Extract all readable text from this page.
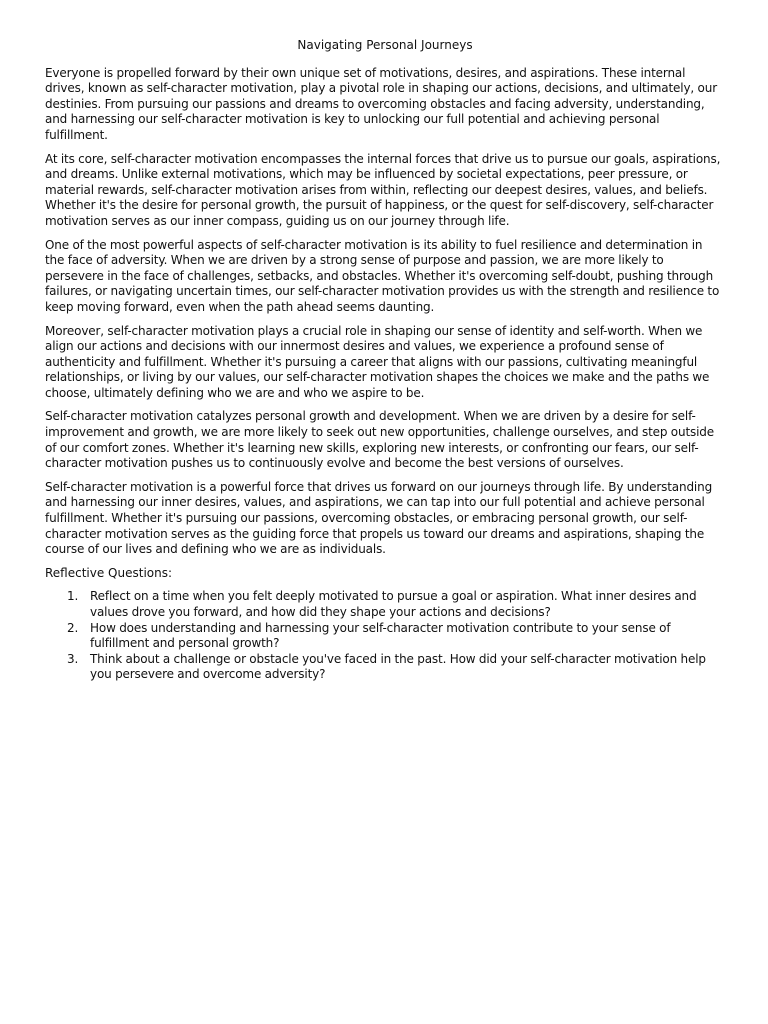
Navigating Personal Journeys

Everyone is propelled forward by their own unique set of motivations, desires, and aspirations. These internal drives, known as self-character motivation, play a pivotal role in shaping our actions, decisions, and ultimately, our destinies. From pursuing our passions and dreams to overcoming obstacles and facing adversity, understanding, and harnessing our self-character motivation is key to unlocking our full potential and achieving personal fulfillment.

At its core, self-character motivation encompasses the internal forces that drive us to pursue our goals, aspirations, and dreams. Unlike external motivations, which may be influenced by societal expectations, peer pressure, or material rewards, self-character motivation arises from within, reflecting our deepest desires, values, and beliefs. Whether it's the desire for personal growth, the pursuit of happiness, or the quest for self-discovery, self-character motivation serves as our inner compass, guiding us on our journey through life.

One of the most powerful aspects of self-character motivation is its ability to fuel resilience and determination in the face of adversity. When we are driven by a strong sense of purpose and passion, we are more likely to persevere in the face of challenges, setbacks, and obstacles. Whether it's overcoming self-doubt, pushing through failures, or navigating uncertain times, our self-character motivation provides us with the strength and resilience to keep moving forward, even when the path ahead seems daunting.

Moreover, self-character motivation plays a crucial role in shaping our sense of identity and self-worth. When we align our actions and decisions with our innermost desires and values, we experience a profound sense of authenticity and fulfillment. Whether it's pursuing a career that aligns with our passions, cultivating meaningful relationships, or living by our values, our self-character motivation shapes the choices we make and the paths we choose, ultimately defining who we are and who we aspire to be.

Self-character motivation catalyzes personal growth and development. When we are driven by a desire for self-improvement and growth, we are more likely to seek out new opportunities, challenge ourselves, and step outside of our comfort zones. Whether it's learning new skills, exploring new interests, or confronting our fears, our self-character motivation pushes us to continuously evolve and become the best versions of ourselves.

Self-character motivation is a powerful force that drives us forward on our journeys through life. By understanding and harnessing our inner desires, values, and aspirations, we can tap into our full potential and achieve personal fulfillment. Whether it's pursuing our passions, overcoming obstacles, or embracing personal growth, our self-character motivation serves as the guiding force that propels us toward our dreams and aspirations, shaping the course of our lives and defining who we are as individuals.

Reflective Questions:

1. Reflect on a time when you felt deeply motivated to pursue a goal or aspiration. What inner desires and values drove you forward, and how did they shape your actions and decisions?
2. How does understanding and harnessing your self-character motivation contribute to your sense of fulfillment and personal growth?
3. Think about a challenge or obstacle you've faced in the past. How did your self-character motivation help you persevere and overcome adversity?
